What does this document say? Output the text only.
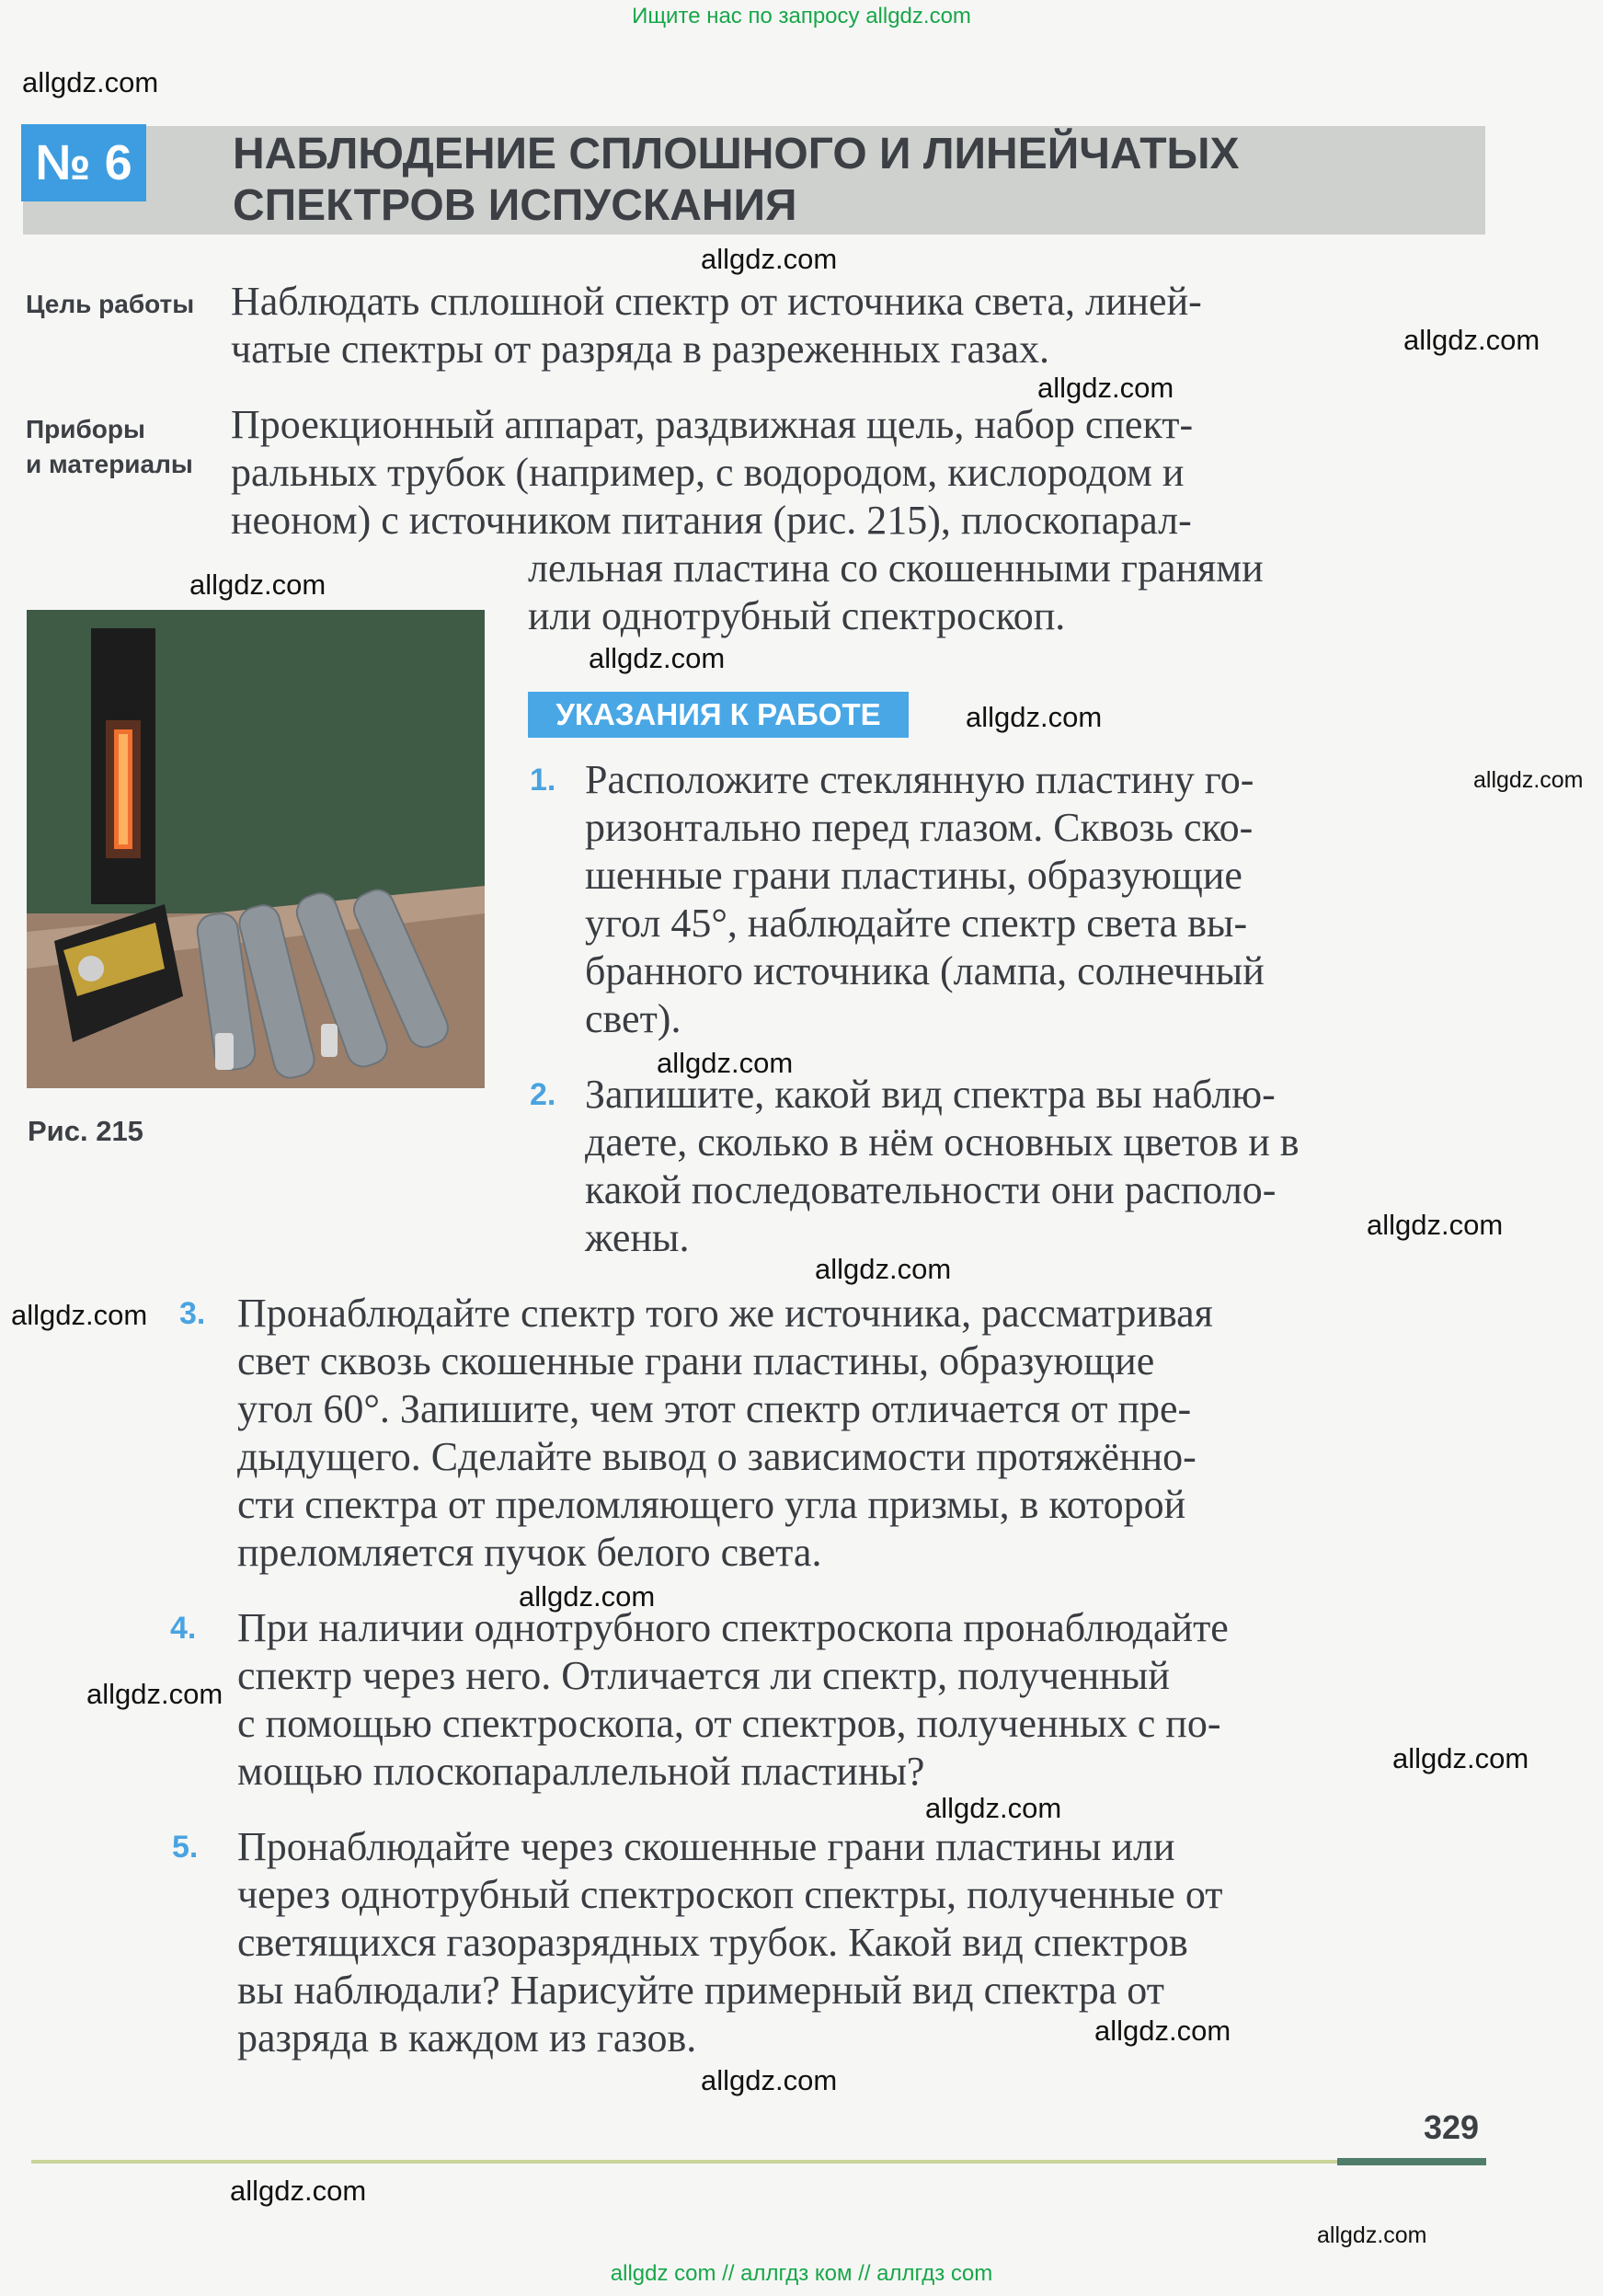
Ищите нас по запросу allgdz.com
allgdz com // аллгдз ком // аллгдз com
№ 6	НАБЛЮДЕНИЕ СПЛОШНОГО И ЛИНЕЙЧАТЫХ
СПЕКТРОВ ИСПУСКАНИЯ
Цель работы Наблюдать сплошной спектр от источника света, линей-
чатые спектры от разряда в разреженных газах.
Приборы
и материалы
Проекционный аппарат, раздвижная щель, набор спект-
ральных трубок (например, с водородом, кислородом и
неоном) с источником питания (рис. 215), плоскопарал-
лельная пластина со скошенными гранями
или однотрубный спектроскоп.
Рис. 215
УКАЗАНИЯ К РАБОТЕ
1. Расположите стеклянную пластину го-
ризонтально перед глазом. Сквозь ско-
шенные грани пластины, образующие
угол 45°, наблюдайте спектр света вы-
бранного источника (лампа, солнечный
свет).
2. Запишите, какой вид спектра вы наблю-
даете, сколько в нём основных цветов и в
какой последовательности они располо-
жены.
3. Пронаблюдайте спектр того же источника, рассматривая
свет сквозь скошенные грани пластины, образующие
угол 60°. Запишите, чем этот спектр отличается от пре-
дыдущего. Сделайте вывод о зависимости протяжённо-
сти спектра от преломляющего угла призмы, в которой
преломляется пучок белого света.
4. При наличии однотрубного спектроскопа пронаблюдайте
спектр через него. Отличается ли спектр, полученный
с помощью спектроскопа, от спектров, полученных с по-
мощью плоскопараллельной пластины?
5. Пронаблюдайте через скошенные грани пластины или
через однотрубный спектроскоп спектры, полученные от
светящихся газоразрядных трубок. Какой вид спектров
вы наблюдали? Нарисуйте примерный вид спектра от
разряда в каждом из газов.
329
allgdz.com
allgdz.com
allgdz.com
allgdz.com
allgdz.com
allgdz.com
allgdz.com
allgdz.com
allgdz.com
allgdz.com
allgdz.com
allgdz.com
allgdz.com
allgdz.com
allgdz.com
allgdz.com
allgdz.com
allgdz.com
allgdz.com
allgdz.com
